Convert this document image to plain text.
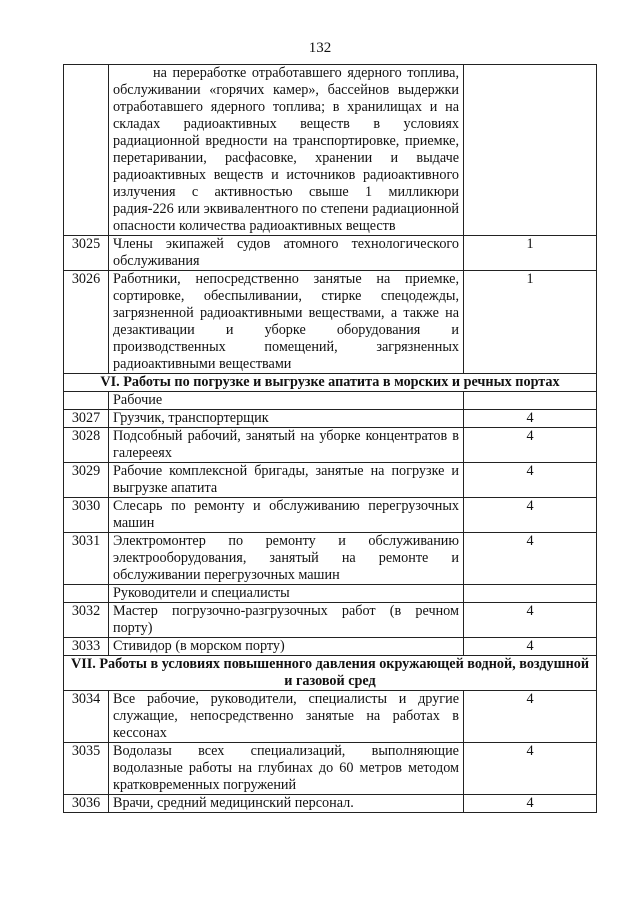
132
	на переработке отработавшего ядерного топлива, обслуживании «горячих камер», бассейнов выдержки отработавшего ядерного топлива; в хранилищах и на складах радиоактивных веществ в условиях радиационной вредности на транспортировке, приемке, перетаривании, расфасовке, хранении и выдаче радиоактивных веществ и источников радиоактивного излучения с активностью свыше 1 милликюри радия-226 или эквивалентного по степени радиационной опасности количества радиоактивных веществ	
3025	Члены экипажей судов атомного технологического обслуживания	1
3026	Работники, непосредственно занятые на приемке, сортировке, обеспыливании, стирке спецодежды, загрязненной радиоактивными веществами, а также на дезактивации и уборке оборудования и производственных помещений, загрязненных радиоактивными веществами	1
VI. Работы по погрузке и выгрузке апатита в морских и речных портах		
	Рабочие	
3027	Грузчик, транспортерщик	4
3028	Подсобный рабочий, занятый на уборке концентратов в галерееях	4
3029	Рабочие комплексной бригады, занятые на погрузке и выгрузке апатита	4
3030	Слесарь по ремонту и обслуживанию перегрузочных машин	4
3031	Электромонтер по ремонту и обслуживанию электрооборудования, занятый на ремонте и обслуживании перегрузочных машин	4
	Руководители и специалисты	
3032	Мастер погрузочно-разгрузочных работ (в речном порту)	4
3033	Стивидор (в морском порту)	4
VII. Работы в условиях повышенного давления окружающей водной, воздушной и газовой сред		
3034	Все рабочие, руководители, специалисты и другие служащие, непосредственно занятые на работах в кессонах	4
3035	Водолазы всех специализаций, выполняющие водолазные работы на глубинах до 60 метров методом кратковременных погружений	4
3036	Врачи, средний медицинский персонал.	4
